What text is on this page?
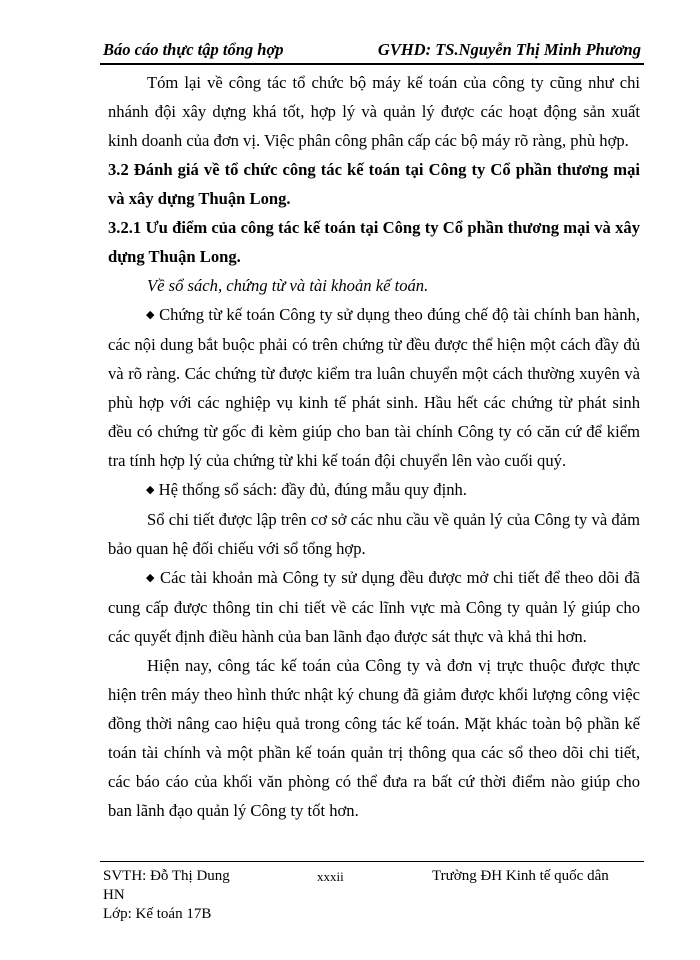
Báo cáo thực tập tổng hợp	GVHD: TS.Nguyễn Thị Minh Phương

Tóm lại về công tác tổ chức bộ máy kế toán của công ty cũng như chi nhánh đội xây dựng khá tốt, hợp lý và quản lý được các hoạt động sản xuất kinh doanh của đơn vị. Việc phân công phân cấp các bộ máy rõ ràng, phù hợp.

3.2 Đánh giá về tổ chức công tác kế toán tại Công ty Cổ phần thương mại và xây dựng Thuận Long.

3.2.1 Ưu điểm của công tác kế toán tại Công ty Cổ phần thương mại và xây dựng Thuận Long.

Về sổ sách, chứng từ và tài khoản kế toán.

◆ Chứng từ kế toán Công ty sử dụng theo đúng chế độ tài chính ban hành, các nội dung bắt buộc phải có trên chứng từ đều được thể hiện một cách đầy đủ và rõ ràng. Các chứng từ được kiểm tra luân chuyển một cách thường xuyên và phù hợp với các nghiệp vụ kinh tế phát sinh. Hầu hết các chứng từ phát sinh đều có chứng từ gốc đi kèm giúp cho ban tài chính Công ty có căn cứ để kiểm tra tính hợp lý của chứng từ khi kế toán đội chuyển lên vào cuối quý.

◆ Hệ thống sổ sách: đầy đủ, đúng mẫu quy định.

Sổ chi tiết được lập trên cơ sở các nhu cầu về quản lý của Công ty và đảm bảo quan hệ đối chiếu với sổ tổng hợp.

◆ Các tài khoản mà Công ty sử dụng đều được mở chi tiết để theo dõi đã cung cấp được thông tin chi tiết về các lĩnh vực mà Công ty quản lý giúp cho các quyết định điều hành của ban lãnh đạo được sát thực và khả thi hơn.

Hiện nay, công tác kế toán của Công ty và đơn vị trực thuộc được thực hiện trên máy theo hình thức nhật ký chung đã giảm được khối lượng công việc đồng thời nâng cao hiệu quả trong công tác kế toán. Mặt khác toàn bộ phần kế toán tài chính và một phần kế toán quản trị thông qua các sổ theo dõi chi tiết, các báo cáo của khối văn phòng có thể đưa ra bất cứ thời điểm nào giúp cho ban lãnh đạo quản lý Công ty tốt hơn.

SVTH: Đỗ Thị Dung	xxxii	Trường ĐH Kinh tế quốc dân
HN
Lớp: Kế toán 17B
